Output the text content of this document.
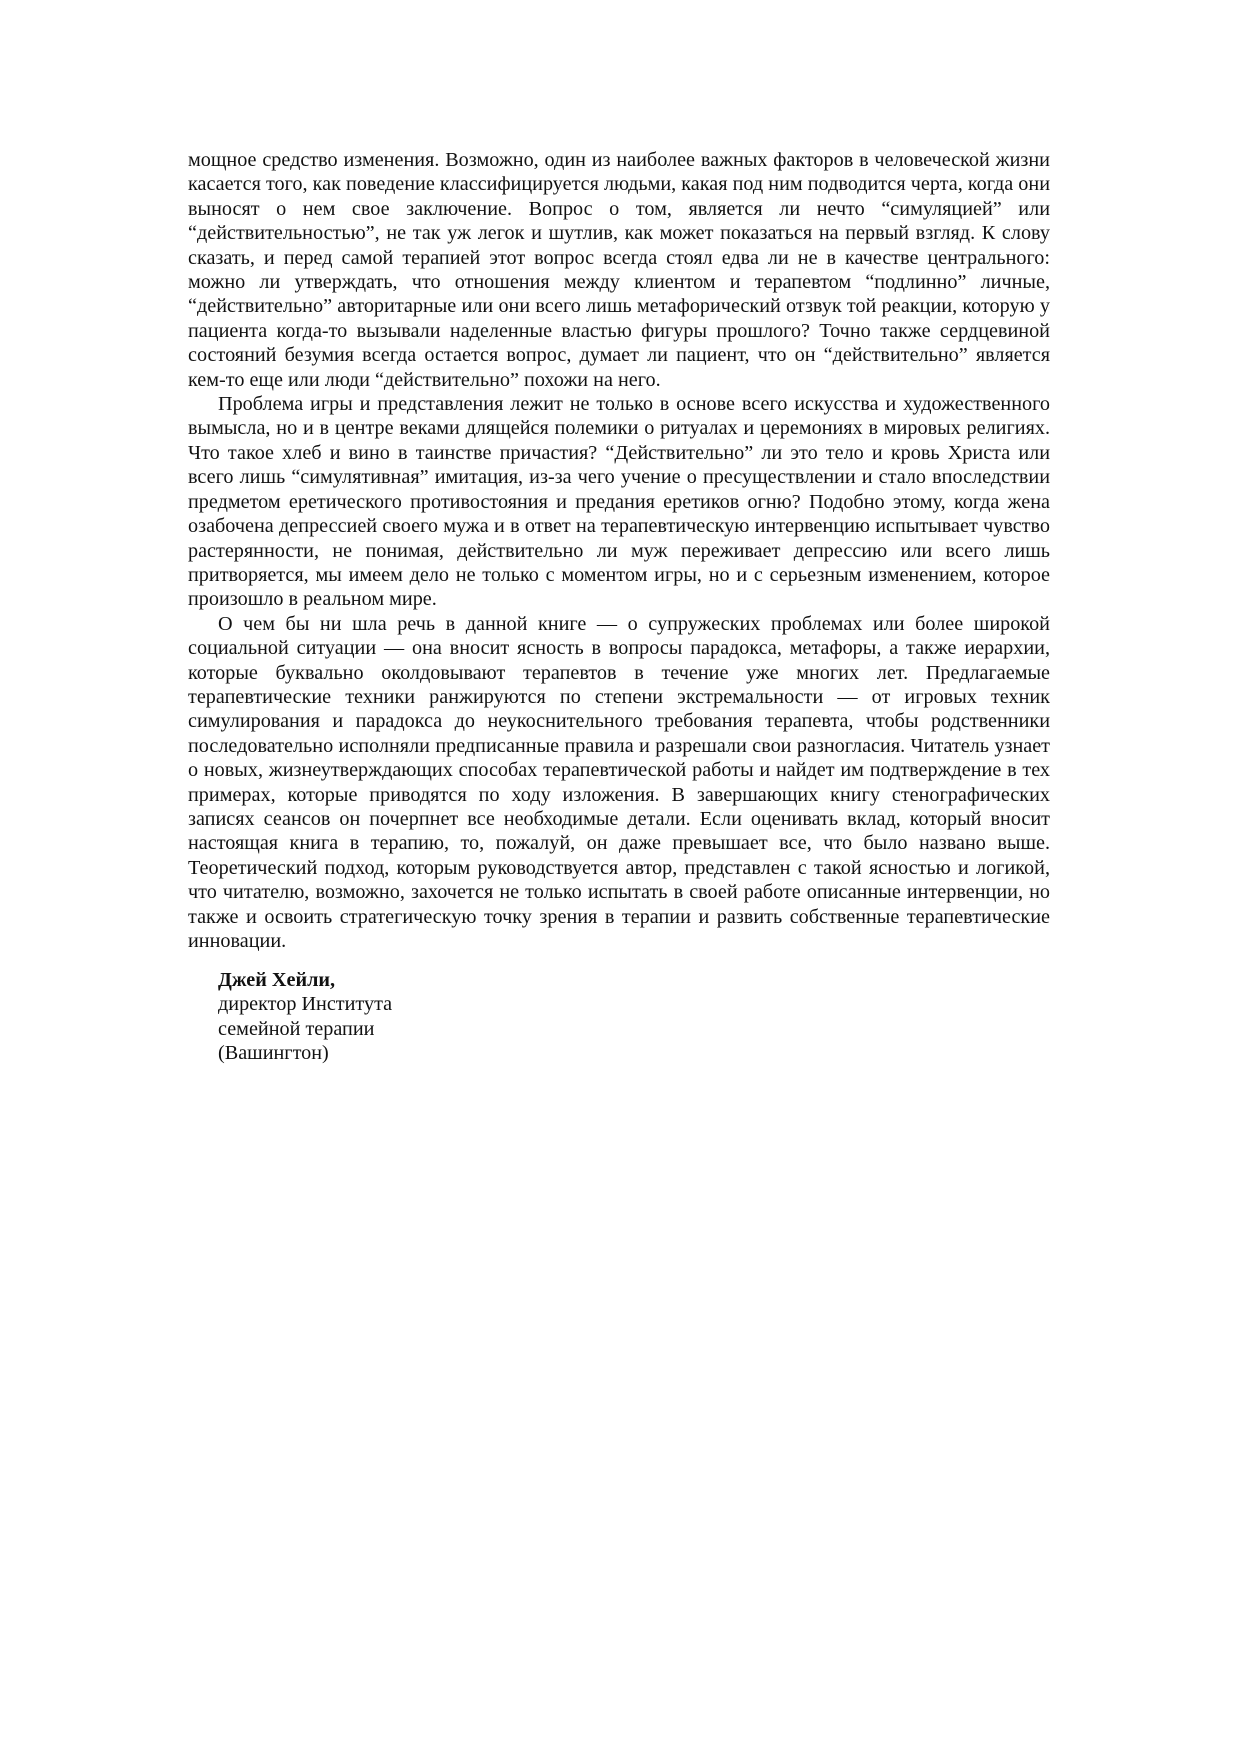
мощное средство изменения. Возможно, один из наиболее важных факторов в человеческой жизни касается того, как поведение классифицируется людьми, какая под ним подводится черта, когда они выносят о нем свое заключение. Вопрос о том, является ли нечто “симуляцией” или “действительностью”, не так уж легок и шутлив, как может показаться на первый взгляд. К слову сказать, и перед самой терапией этот вопрос всегда стоял едва ли не в качестве центрального: можно ли утверждать, что отношения между клиентом и терапевтом “подлинно” личные, “действительно” авторитарные или они всего лишь метафорический отзвук той реакции, которую у пациента когда-то вызывали наделенные властью фигуры прошлого? Точно также сердцевиной состояний безумия всегда остается вопрос, думает ли пациент, что он “действительно” является кем-то еще или люди “действительно” похожи на него.

Проблема игры и представления лежит не только в основе всего искусства и художественного вымысла, но и в центре веками длящейся полемики о ритуалах и церемониях в мировых религиях. Что такое хлеб и вино в таинстве причастия? “Действительно” ли это тело и кровь Христа или всего лишь “симулятивная” имитация, из-за чего учение о пресуществлении и стало впоследствии предметом еретического противостояния и предания еретиков огню? Подобно этому, когда жена озабочена депрессией своего мужа и в ответ на терапевтическую интервенцию испытывает чувство растерянности, не понимая, действительно ли муж переживает депрессию или всего лишь притворяется, мы имеем дело не только с моментом игры, но и с серьезным изменением, которое произошло в реальном мире.

О чем бы ни шла речь в данной книге — о супружеских проблемах или более широкой социальной ситуации — она вносит ясность в вопросы парадокса, метафоры, а также иерархии, которые буквально околдовывают терапевтов в течение уже многих лет. Предлагаемые терапевтические техники ранжируются по степени экстремальности — от игровых техник симулирования и парадокса до неукоснительного требования терапевта, чтобы родственники последовательно исполняли предписанные правила и разрешали свои разногласия. Читатель узнает о новых, жизнеутверждающих способах терапевтической работы и найдет им подтверждение в тех примерах, которые приводятся по ходу изложения. В завершающих книгу стенографических записях сеансов он почерпнет все необходимые детали. Если оценивать вклад, который вносит настоящая книга в терапию, то, пожалуй, он даже превышает все, что было названо выше. Теоретический подход, которым руководствуется автор, представлен с такой ясностью и логикой, что читателю, возможно, захочется не только испытать в своей работе описанные интервенции, но также и освоить стратегическую точку зрения в терапии и развить собственные терапевтические инновации.

Джей Хейли,
директор Института
семейной терапии
(Вашингтон)
